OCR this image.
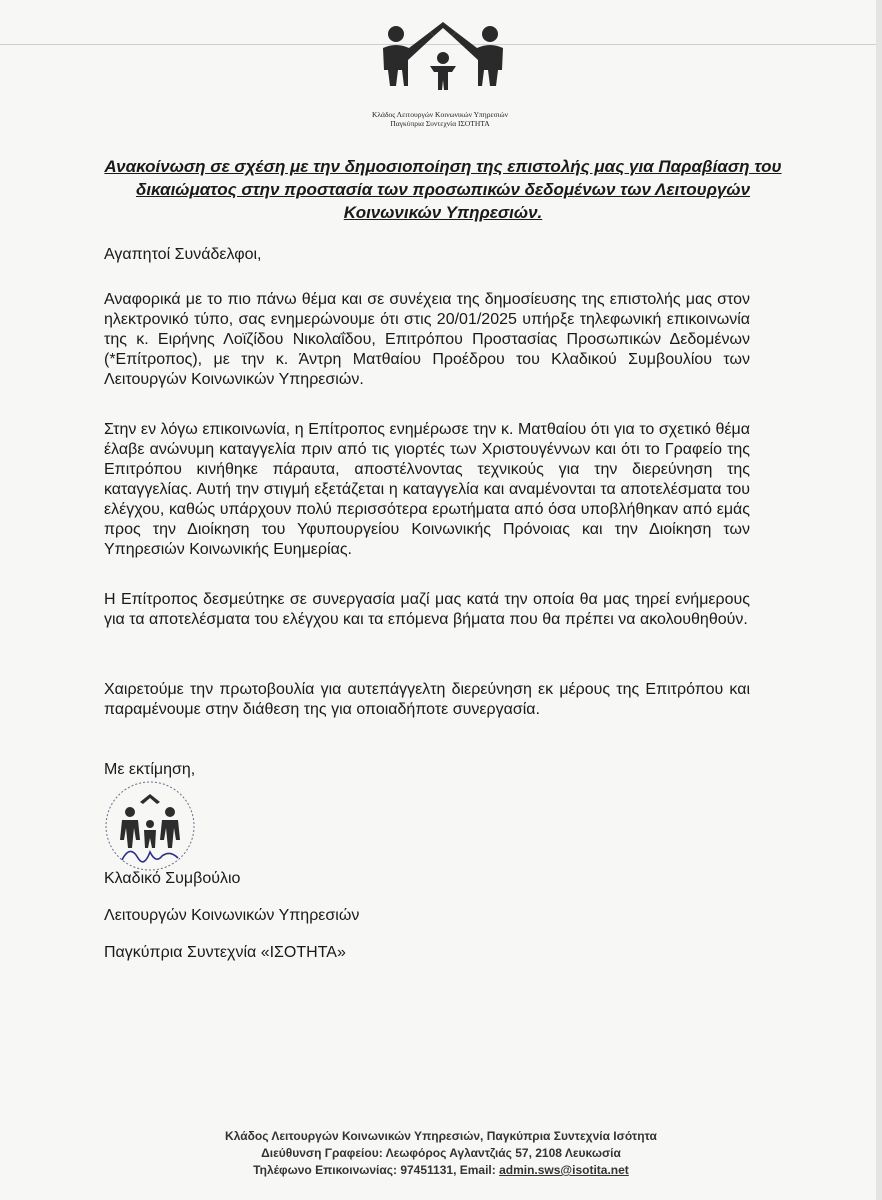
Κλάδος Λειτουργών Κοινωνικών Υπηρεσιών
Παγκύπρια Συντεχνία ΙΣΟΤΗΤΑ
Ανακοίνωση σε σχέση με την δημοσιοποίηση της επιστολής μας για Παραβίαση του δικαιώματος στην προστασία των προσωπικών δεδομένων των Λειτουργών Κοινωνικών Υπηρεσιών.
Αγαπητοί Συνάδελφοι,
Αναφορικά με το πιο πάνω θέμα και σε συνέχεια της δημοσίευσης της επιστολής μας στον ηλεκτρονικό τύπο, σας ενημερώνουμε ότι στις 20/01/2025 υπήρξε τηλεφωνική επικοινωνία της κ. Ειρήνης Λοϊζίδου Νικολαΐδου, Επιτρόπου Προστασίας Προσωπικών Δεδομένων (*Επίτροπος), με την κ. Άντρη Ματθαίου Προέδρου του Κλαδικού Συμβουλίου των Λειτουργών Κοινωνικών Υπηρεσιών.
Στην εν λόγω επικοινωνία, η Επίτροπος ενημέρωσε την κ. Ματθαίου ότι για το σχετικό θέμα έλαβε ανώνυμη καταγγελία πριν από τις γιορτές των Χριστουγέννων και ότι το Γραφείο της Επιτρόπου κινήθηκε πάραυτα, αποστέλνοντας τεχνικούς για την διερεύνηση της καταγγελίας. Αυτή την στιγμή εξετάζεται η καταγγελία και αναμένονται τα αποτελέσματα του ελέγχου, καθώς υπάρχουν πολύ περισσότερα ερωτήματα από όσα υποβλήθηκαν από εμάς προς την Διοίκηση του Υφυπουργείου Κοινωνικής Πρόνοιας και την Διοίκηση των Υπηρεσιών Κοινωνικής Ευημερίας.
Η Επίτροπος δεσμεύτηκε σε συνεργασία μαζί μας κατά την οποία θα μας τηρεί ενήμερους για τα αποτελέσματα του ελέγχου και τα επόμενα βήματα που θα πρέπει να ακολουθηθούν.
Χαιρετούμε την πρωτοβουλία για αυτεπάγγελτη διερεύνηση εκ μέρους της Επιτρόπου και παραμένουμε στην διάθεση της για οποιαδήποτε συνεργασία.
Με εκτίμηση,
Κλαδικό Συμβούλιο
Λειτουργών Κοινωνικών Υπηρεσιών
Παγκύπρια Συντεχνία «ΙΣΟΤΗΤΑ»
Κλάδος Λειτουργών Κοινωνικών Υπηρεσιών, Παγκύπρια Συντεχνία Ισότητα
Διεύθυνση Γραφείου: Λεωφόρος Αγλαντζιάς 57, 2108 Λευκωσία
Τηλέφωνο Επικοινωνίας: 97451131, Email: admin.sws@isotita.net
